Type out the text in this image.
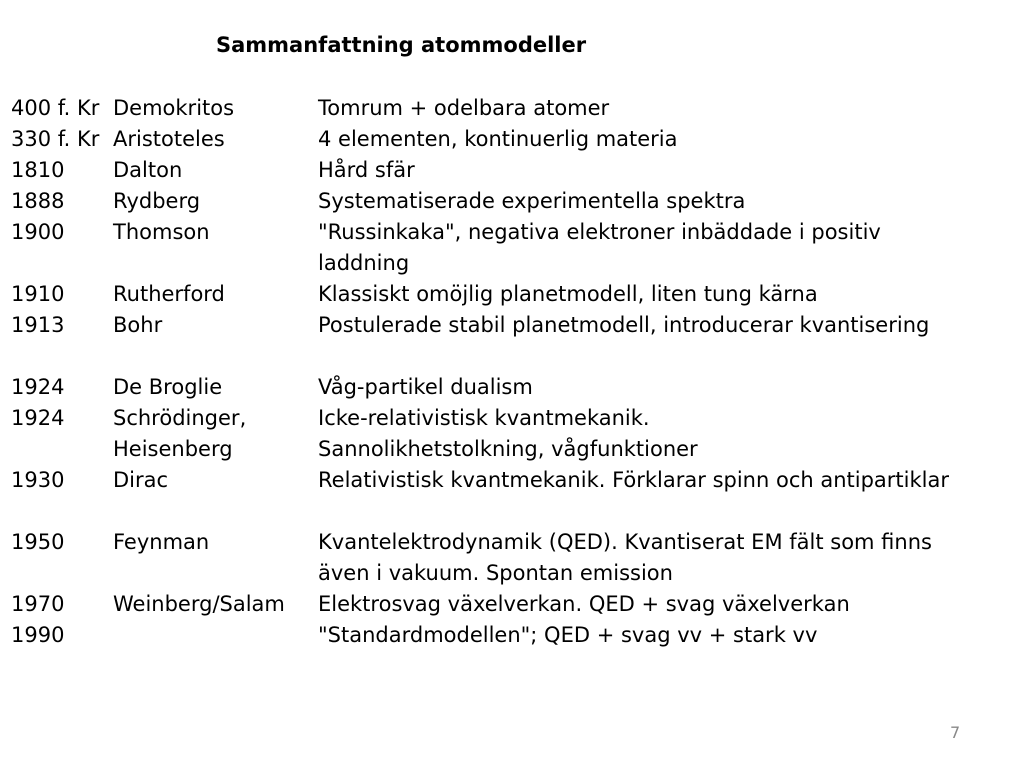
Sammanfattning atommodeller
400 f. Kr Demokritos	Tomrum + odelbara atomer
330 f. Kr Aristoteles	4 elementen, kontinuerlig materia
1810 Dalton	Hård sfär
1888 Rydberg	Systematiserade experimentella spektra
1900 Thomson	"Russinkaka", negativa elektroner inbäddade i positiv
laddning
1910 Rutherford	Klassiskt omöjlig planetmodell, liten tung kärna
1913 Bohr	Postulerade stabil planetmodell, introducerar kvantisering
1924 De Broglie	Våg-partikel dualism
1924 Schrödinger,
Heisenberg
Icke-relativistisk kvantmekanik.
Sannolikhetstolkning, vågfunktioner
1930 Dirac	Relativistisk kvantmekanik. Förklarar spinn och antipartiklar
1950 Feynman	Kvantelektrodynamik (QED). Kvantiserat EM fält som finns
även i vakuum. Spontan emission
1970 Weinberg/Salam Elektrosvag växelverkan. QED + svag växelverkan
1990	"Standardmodellen"; QED + svag vv + stark vv
7
